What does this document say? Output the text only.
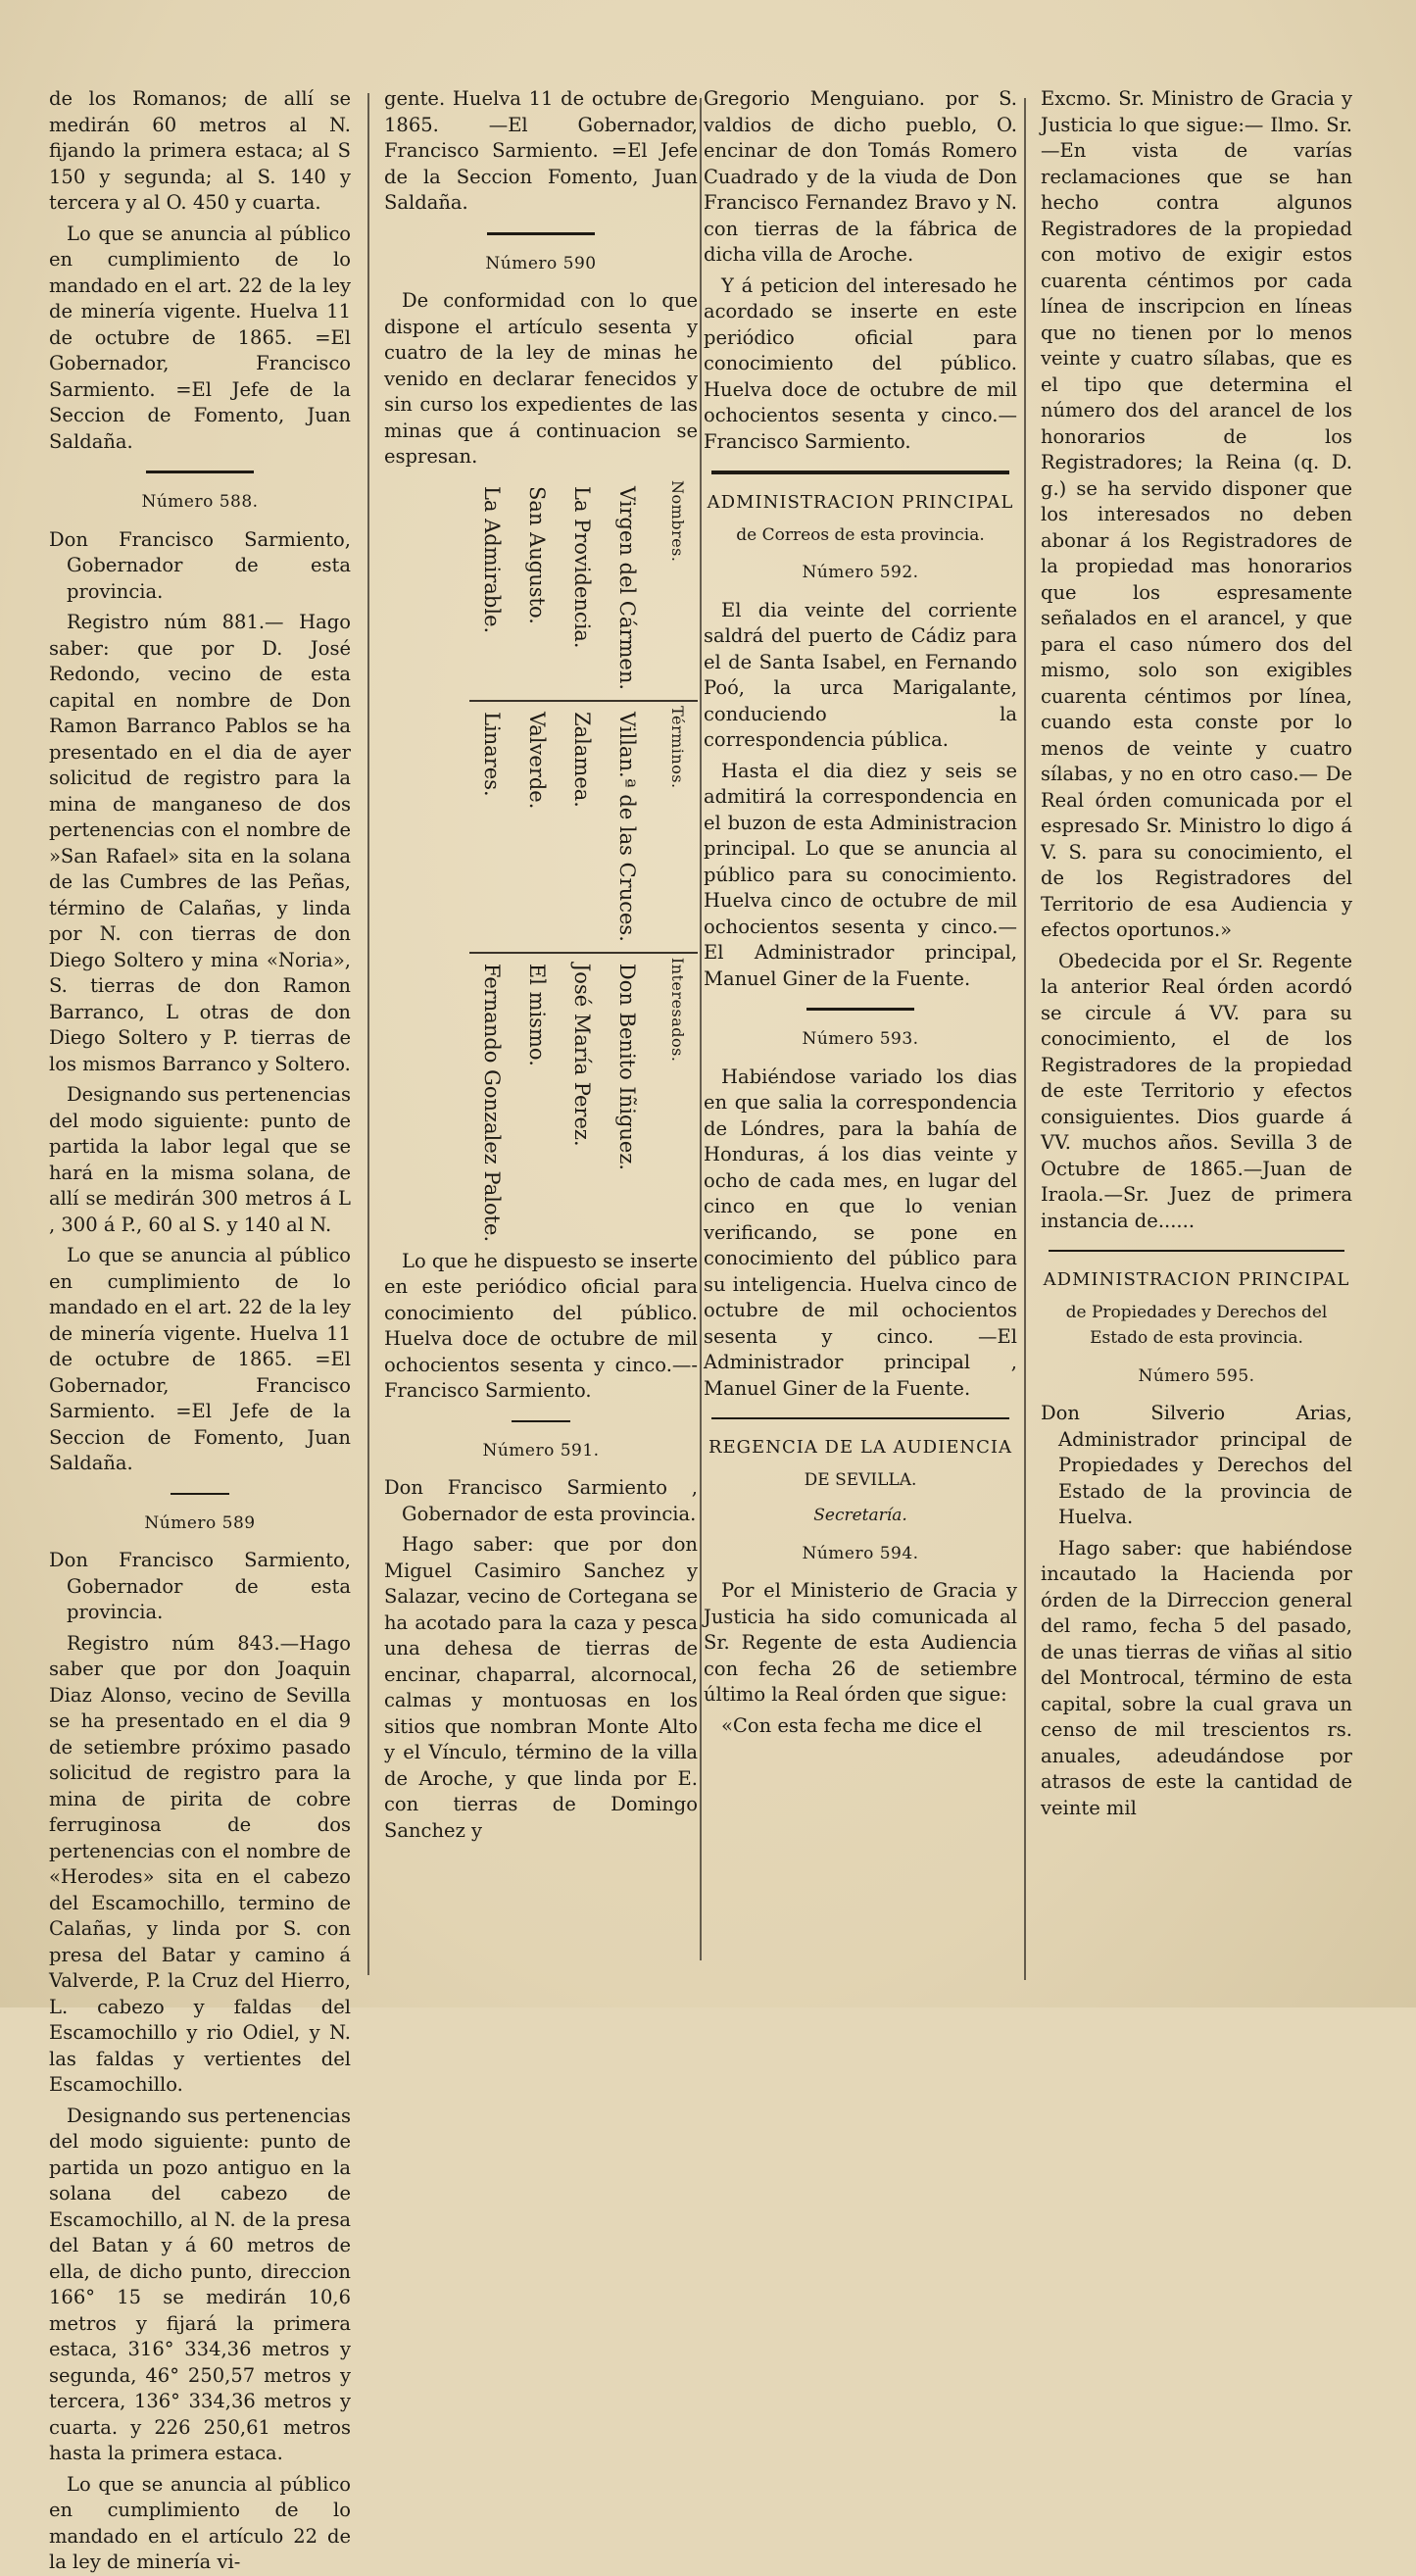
de los Romanos; de allí se medirán 60 metros al N. fijando la primera estaca; al S 150 y segunda; al S. 140 y tercera y al O. 450 y cuarta.

Lo que se anuncia al público en cumplimiento de lo mandado en el art. 22 de la ley de minería vigente. Huelva 11 de octubre de 1865. =El Gobernador, Francisco Sarmiento. =El Jefe de la Seccion de Fomento, Juan Saldaña.

Número 588.

Don Francisco Sarmiento, Gobernador de esta provincia.

Registro núm 881.— Hago saber: que por D. José Redondo, vecino de esta capital en nombre de Don Ramon Barranco Pablos se ha presentado en el dia de ayer solicitud de registro para la mina de manganeso de dos pertenencias con el nombre de »San Rafael» sita en la solana de las Cumbres de las Peñas, término de Calañas, y linda por N. con tierras de don Diego Soltero y mina «Noria», S. tierras de don Ramon Barranco, L otras de don Diego Soltero y P. tierras de los mismos Barranco y Soltero.

Designando sus pertenencias del modo siguiente: punto de partida la labor legal que se hará en la misma solana, de allí se medirán 300 metros á L , 300 á P., 60 al S. y 140 al N.

Lo que se anuncia al público en cumplimiento de lo mandado en el art. 22 de la ley de minería vigente. Huelva 11 de octubre de 1865. =El Gobernador, Francisco Sarmiento. =El Jefe de la Seccion de Fomento, Juan Saldaña.

Número 589

Don Francisco Sarmiento, Gobernador de esta provincia.

Registro núm 843.—Hago saber que por don Joaquin Diaz Alonso, vecino de Sevilla se ha presentado en el dia 9 de setiembre próximo pasado solicitud de registro para la mina de pirita de cobre ferruginosa de dos pertenencias con el nombre de «Herodes» sita en el cabezo del Escamochillo, termino de Calañas, y linda por S. con presa del Batar y camino á Valverde, P. la Cruz del Hierro, L. cabezo y faldas del Escamochillo y rio Odiel, y N. las faldas y vertientes del Escamochillo.

Designando sus pertenencias del modo siguiente: punto de partida un pozo antiguo en la solana del cabezo de Escamochillo, al N. de la presa del Batan y á 60 metros de ella, de dicho punto, direccion 166° 15 se medirán 10,6 metros y fijará la primera estaca, 316° 334,36 metros y segunda, 46° 250,57 metros y tercera, 136° 334,36 metros y cuarta. y 226 250,61 metros hasta la primera estaca.

Lo que se anuncia al público en cumplimiento de lo mandado en el artículo 22 de la ley de minería vi-

gente. Huelva 11 de octubre de 1865. —El Gobernador, Francisco Sarmiento. =El Jefe de la Seccion Fomento, Juan Saldaña.

Número 590

De conformidad con lo que dispone el artículo sesenta y cuatro de la ley de minas he venido en declarar fenecidos y sin curso los expedientes de las minas que á continuacion se espresan.

Nombres.	Términos.	Interesados.
Virgen del Cármen.	Villan.ª de las Cruces.	Don Benito Iñiguez.
La Providencia.	Zalamea.	José María Perez.
San Augusto.	Valverde.	El mismo.
La Admirable.	Linares.	Fernando Gonzalez Palote.

Lo que he dispuesto se inserte en este periódico oficial para conocimiento del público. Huelva doce de octubre de mil ochocientos sesenta y cinco.—-Francisco Sarmiento.

Número 591.

Don Francisco Sarmiento , Gobernador de esta provincia.

Hago saber: que por don Miguel Casimiro Sanchez y Salazar, vecino de Cortegana se ha acotado para la caza y pesca una dehesa de tierras de encinar, chaparral, alcornocal, calmas y montuosas en los sitios que nombran Monte Alto y el Vínculo, término de la villa de Aroche, y que linda por E. con tierras de Domingo Sanchez y

Gregorio Menguiano. por S. valdios de dicho pueblo, O. encinar de don Tomás Romero Cuadrado y de la viuda de Don Francisco Fernandez Bravo y N. con tierras de la fábrica de dicha villa de Aroche.

Y á peticion del interesado he acordado se inserte en este periódico oficial para conocimiento del público. Huelva doce de octubre de mil ochocientos sesenta y cinco.— Francisco Sarmiento.

ADMINISTRACION PRINCIPAL
de Correos de esta provincia.
Número 592.

El dia veinte del corriente saldrá del puerto de Cádiz para el de Santa Isabel, en Fernando Poó, la urca Marigalante, conduciendo la correspondencia pública.

Hasta el dia diez y seis se admitirá la correspondencia en el buzon de esta Administracion principal. Lo que se anuncia al público para su conocimiento. Huelva cinco de octubre de mil ochocientos sesenta y cinco.—El Administrador principal, Manuel Giner de la Fuente.

Número 593.

Habiéndose variado los dias en que salia la correspondencia de Lóndres, para la bahía de Honduras, á los dias veinte y ocho de cada mes, en lugar del cinco en que lo venian verificando, se pone en conocimiento del público para su inteligencia. Huelva cinco de octubre de mil ochocientos sesenta y cinco. —El Administrador principal , Manuel Giner de la Fuente.

REGENCIA DE LA AUDIENCIA
DE SEVILLA.
Secretaría.
Número 594.

Por el Ministerio de Gracia y Justicia ha sido comunicada al Sr. Regente de esta Audiencia con fecha 26 de setiembre último la Real órden que sigue:

«Con esta fecha me dice el

Excmo. Sr. Ministro de Gracia y Justicia lo que sigue:— Ilmo. Sr.—En vista de varías reclamaciones que se han hecho contra algunos Registradores de la propiedad con motivo de exigir estos cuarenta céntimos por cada línea de inscripcion en líneas que no tienen por lo menos veinte y cuatro sílabas, que es el tipo que determina el número dos del arancel de los honorarios de los Registradores; la Reina (q. D. g.) se ha servido disponer que los interesados no deben abonar á los Registradores de la propiedad mas honorarios que los espresamente señalados en el arancel, y que para el caso número dos del mismo, solo son exigibles cuarenta céntimos por línea, cuando esta conste por lo menos de veinte y cuatro sílabas, y no en otro caso.— De Real órden comunicada por el espresado Sr. Ministro lo digo á V. S. para su conocimiento, el de los Registradores del Territorio de esa Audiencia y efectos oportunos.»

Obedecida por el Sr. Regente la anterior Real órden acordó se circule á VV. para su conocimiento, el de los Registradores de la propiedad de este Territorio y efectos consiguientes. Dios guarde á VV. muchos años. Sevilla 3 de Octubre de 1865.—Juan de Iraola.—Sr. Juez de primera instancia de......

ADMINISTRACION PRINCIPAL
de Propiedades y Derechos del Estado de esta provincia.
Número 595.

Don Silverio Arias, Administrador principal de Propiedades y Derechos del Estado de la provincia de Huelva.

Hago saber: que habiéndose incautado la Hacienda por órden de la Dirreccion general del ramo, fecha 5 del pasado, de unas tierras de viñas al sitio del Montrocal, término de esta capital, sobre la cual grava un censo de mil trescientos rs. anuales, adeudándose por atrasos de este la cantidad de veinte mil
